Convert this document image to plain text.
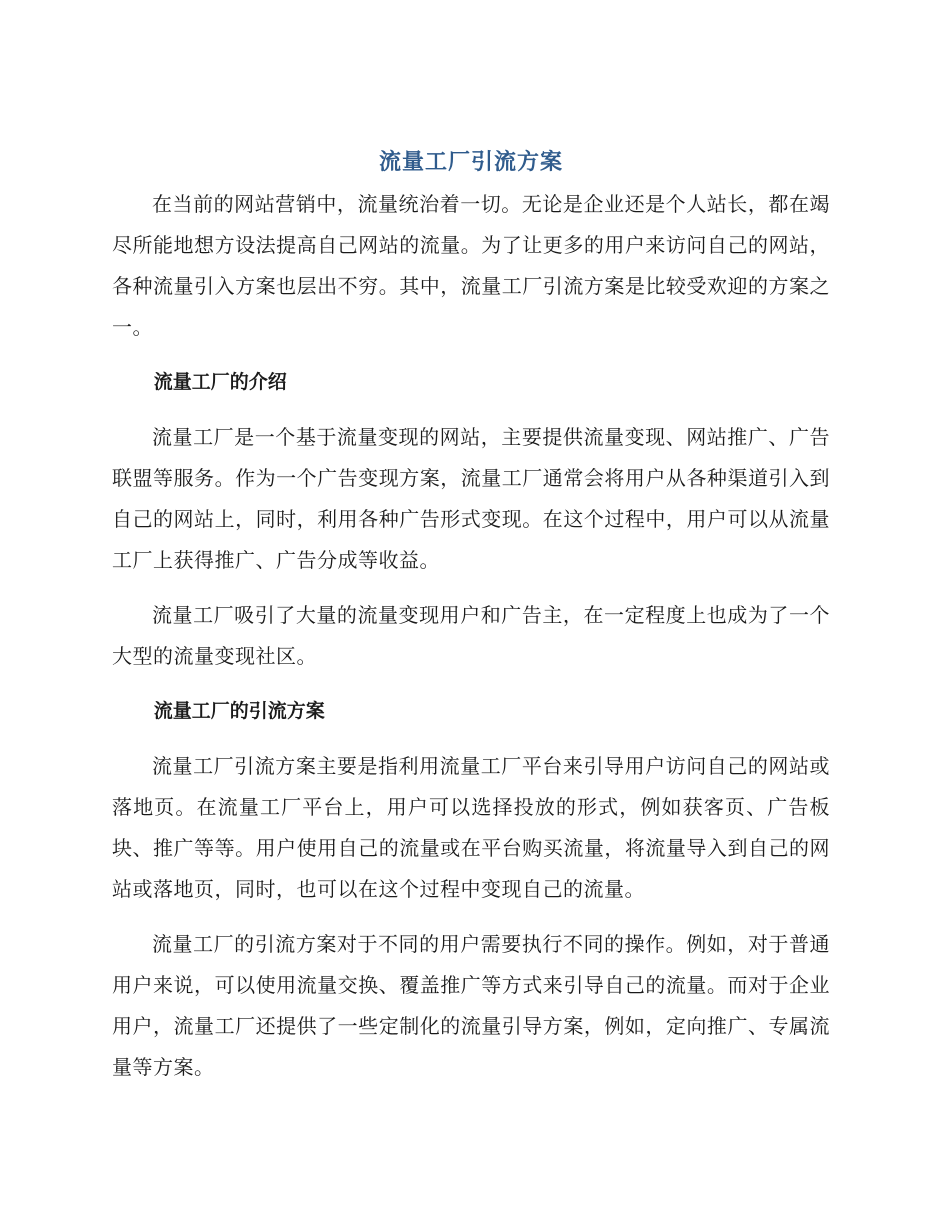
流量工厂引流方案

在当前的网站营销中，流量统治着一切。无论是企业还是个人站长，都在竭尽所能地想方设法提高自己网站的流量。为了让更多的用户来访问自己的网站，各种流量引入方案也层出不穷。其中，流量工厂引流方案是比较受欢迎的方案之一。

流量工厂的介绍

流量工厂是一个基于流量变现的网站，主要提供流量变现、网站推广、广告联盟等服务。作为一个广告变现方案，流量工厂通常会将用户从各种渠道引入到自己的网站上，同时，利用各种广告形式变现。在这个过程中，用户可以从流量工厂上获得推广、广告分成等收益。

流量工厂吸引了大量的流量变现用户和广告主，在一定程度上也成为了一个大型的流量变现社区。

流量工厂的引流方案

流量工厂引流方案主要是指利用流量工厂平台来引导用户访问自己的网站或落地页。在流量工厂平台上，用户可以选择投放的形式，例如获客页、广告板块、推广等等。用户使用自己的流量或在平台购买流量，将流量导入到自己的网站或落地页，同时，也可以在这个过程中变现自己的流量。

流量工厂的引流方案对于不同的用户需要执行不同的操作。例如，对于普通用户来说，可以使用流量交换、覆盖推广等方式来引导自己的流量。而对于企业用户，流量工厂还提供了一些定制化的流量引导方案，例如，定向推广、专属流量等方案。
